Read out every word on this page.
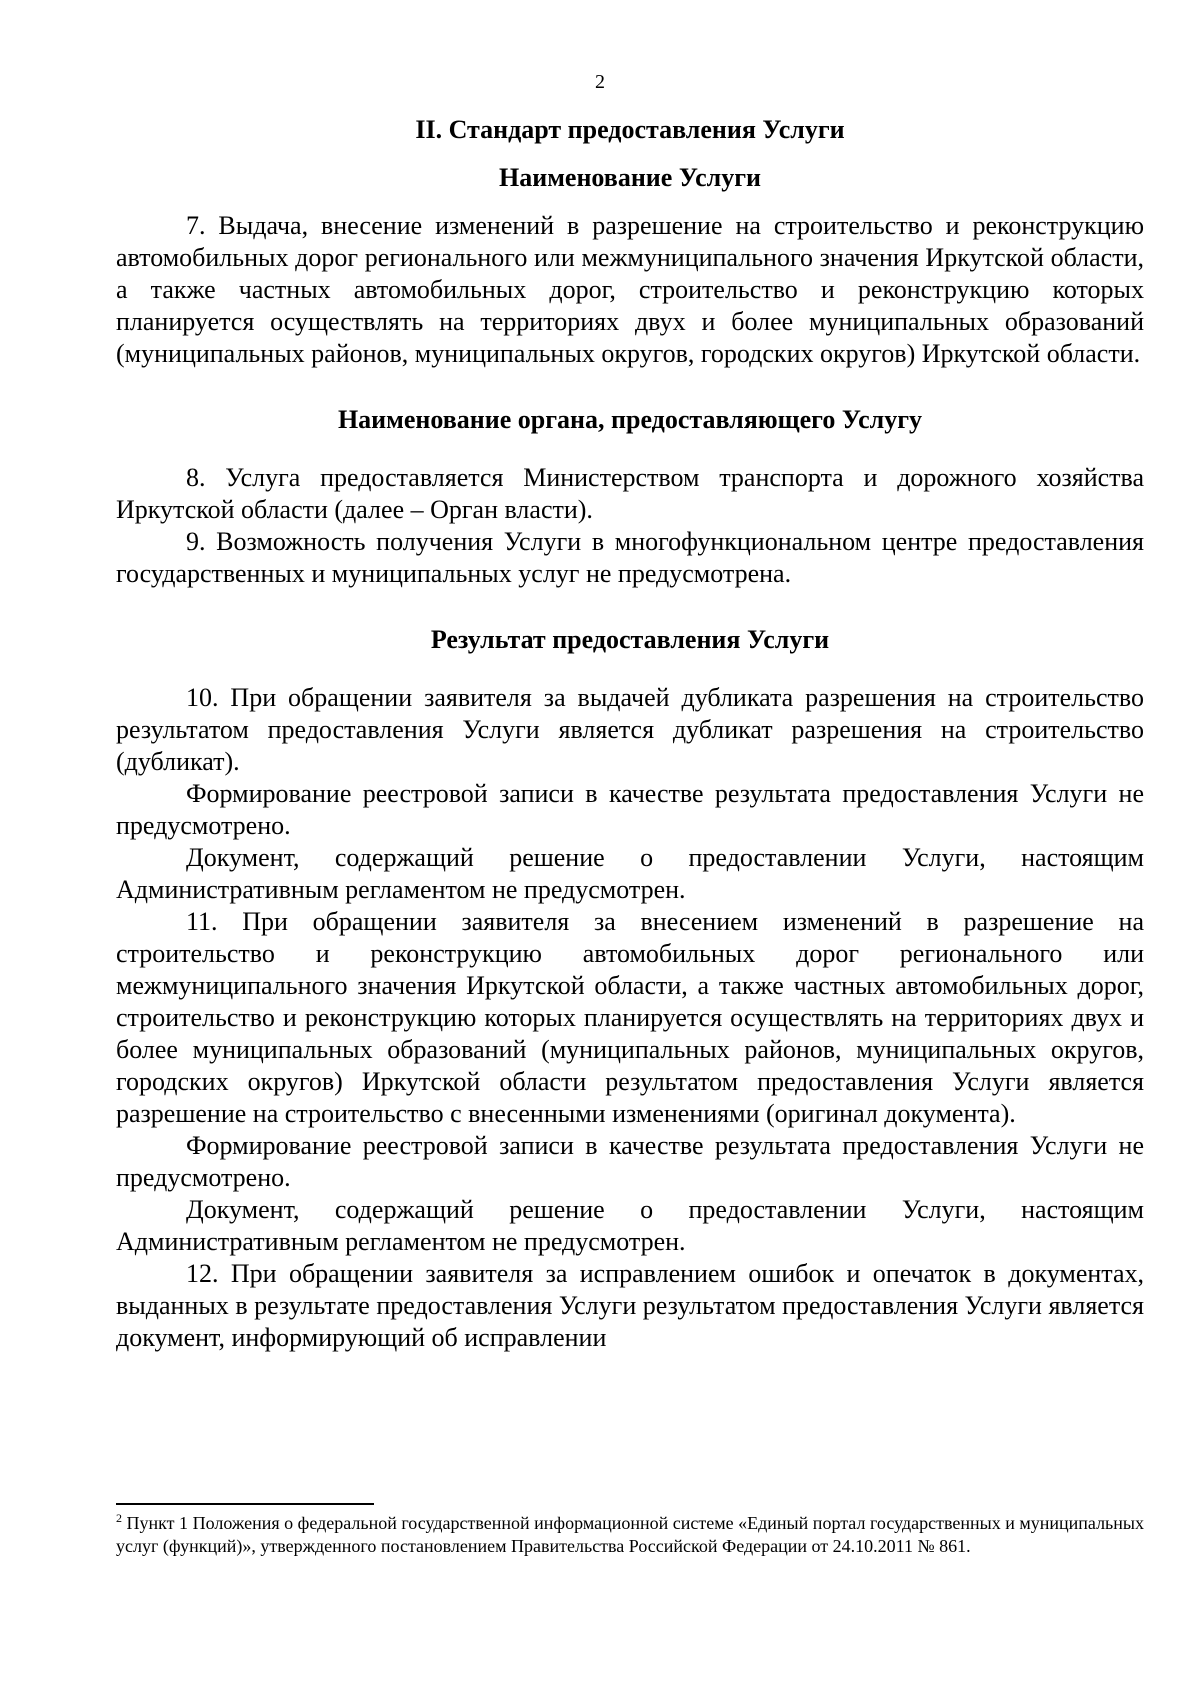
2

II. Стандарт предоставления Услуги

Наименование Услуги

7. Выдача, внесение изменений в разрешение на строительство и реконструкцию автомобильных дорог регионального или межмуниципального значения Иркутской области, а также частных автомобильных дорог, строительство и реконструкцию которых планируется осуществлять на территориях двух и более муниципальных образований (муниципальных районов, муниципальных округов, городских округов) Иркутской области.

Наименование органа, предоставляющего Услугу

8. Услуга предоставляется Министерством транспорта и дорожного хозяйства Иркутской области (далее – Орган власти).

9. Возможность получения Услуги в многофункциональном центре предоставления государственных и муниципальных услуг не предусмотрена.

Результат предоставления Услуги

10. При обращении заявителя за выдачей дубликата разрешения на строительство результатом предоставления Услуги является дубликат разрешения на строительство (дубликат).

Формирование реестровой записи в качестве результата предоставления Услуги не предусмотрено.

Документ, содержащий решение о предоставлении Услуги, настоящим Административным регламентом не предусмотрен.

11. При обращении заявителя за внесением изменений в разрешение на строительство и реконструкцию автомобильных дорог регионального или межмуниципального значения Иркутской области, а также частных автомобильных дорог, строительство и реконструкцию которых планируется осуществлять на территориях двух и более муниципальных образований (муниципальных районов, муниципальных округов, городских округов) Иркутской области результатом предоставления Услуги является разрешение на строительство с внесенными изменениями (оригинал документа).

Формирование реестровой записи в качестве результата предоставления Услуги не предусмотрено.

Документ, содержащий решение о предоставлении Услуги, настоящим Административным регламентом не предусмотрен.

12. При обращении заявителя за исправлением ошибок и опечаток в документах, выданных в результате предоставления Услуги результатом предоставления Услуги является документ, информирующий об исправлении

$^2$ Пункт 1 Положения о федеральной государственной информационной системе «Единый портал государственных и муниципальных услуг (функций)», утвержденного постановлением Правительства Российской Федерации от 24.10.2011 № 861.
